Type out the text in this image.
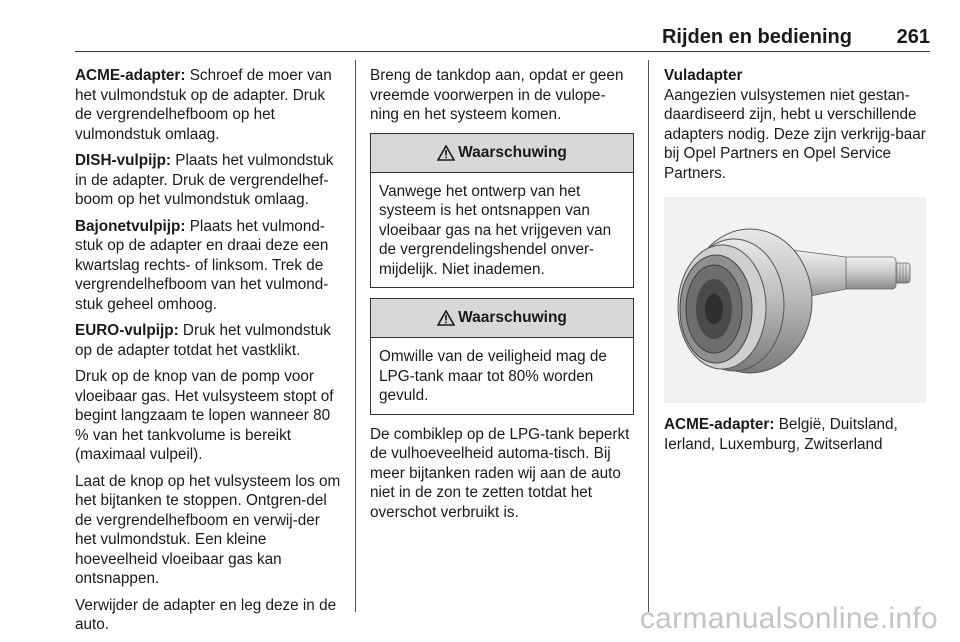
Rijden en bediening 261

ACME-adapter: Schroef de moer van het vulmondstuk op de adapter. Druk de vergrendelhefboom op het vulmondstuk omlaag.

DISH-vulpijp: Plaats het vulmondstuk in de adapter. Druk de vergrendelhef-boom op het vulmondstuk omlaag.

Bajonetvulpijp: Plaats het vulmond-stuk op de adapter en draai deze een kwartslag rechts- of linksom. Trek de vergrendelhefboom van het vulmond-stuk geheel omhoog.

EURO-vulpijp: Druk het vulmondstuk op de adapter totdat het vastklikt.

Druk op de knop van de pomp voor vloeibaar gas. Het vulsysteem stopt of begint langzaam te lopen wanneer 80 % van het tankvolume is bereikt (maximaal vulpeil).

Laat de knop op het vulsysteem los om het bijtanken te stoppen. Ontgren-del de vergrendelhefboom en verwij-der het vulmondstuk. Een kleine hoeveelheid vloeibaar gas kan ontsnappen.

Verwijder de adapter en leg deze in de auto.

Breng de tankdop aan, opdat er geen vreemde voorwerpen in de vulope-ning en het systeem komen.

Waarschuwing
Vanwege het ontwerp van het systeem is het ontsnappen van vloeibaar gas na het vrijgeven van de vergrendelingshendel onver-mijdelijk. Niet inademen.
Waarschuwing
Omwille van de veiligheid mag de LPG-tank maar tot 80% worden gevuld.

De combiklep op de LPG-tank beperkt de vulhoeveelheid automa-tisch. Bij meer bijtanken raden wij aan de auto niet in de zon te zetten totdat het overschot verbruikt is.

Vuladapter

Aangezien vulsystemen niet gestan-daardiseerd zijn, hebt u verschillende adapters nodig. Deze zijn verkrijg-baar bij Opel Partners en Opel Service Partners.

ACME-adapter: België, Duitsland, Ierland, Luxemburg, Zwitserland

carmanualsonline.info
